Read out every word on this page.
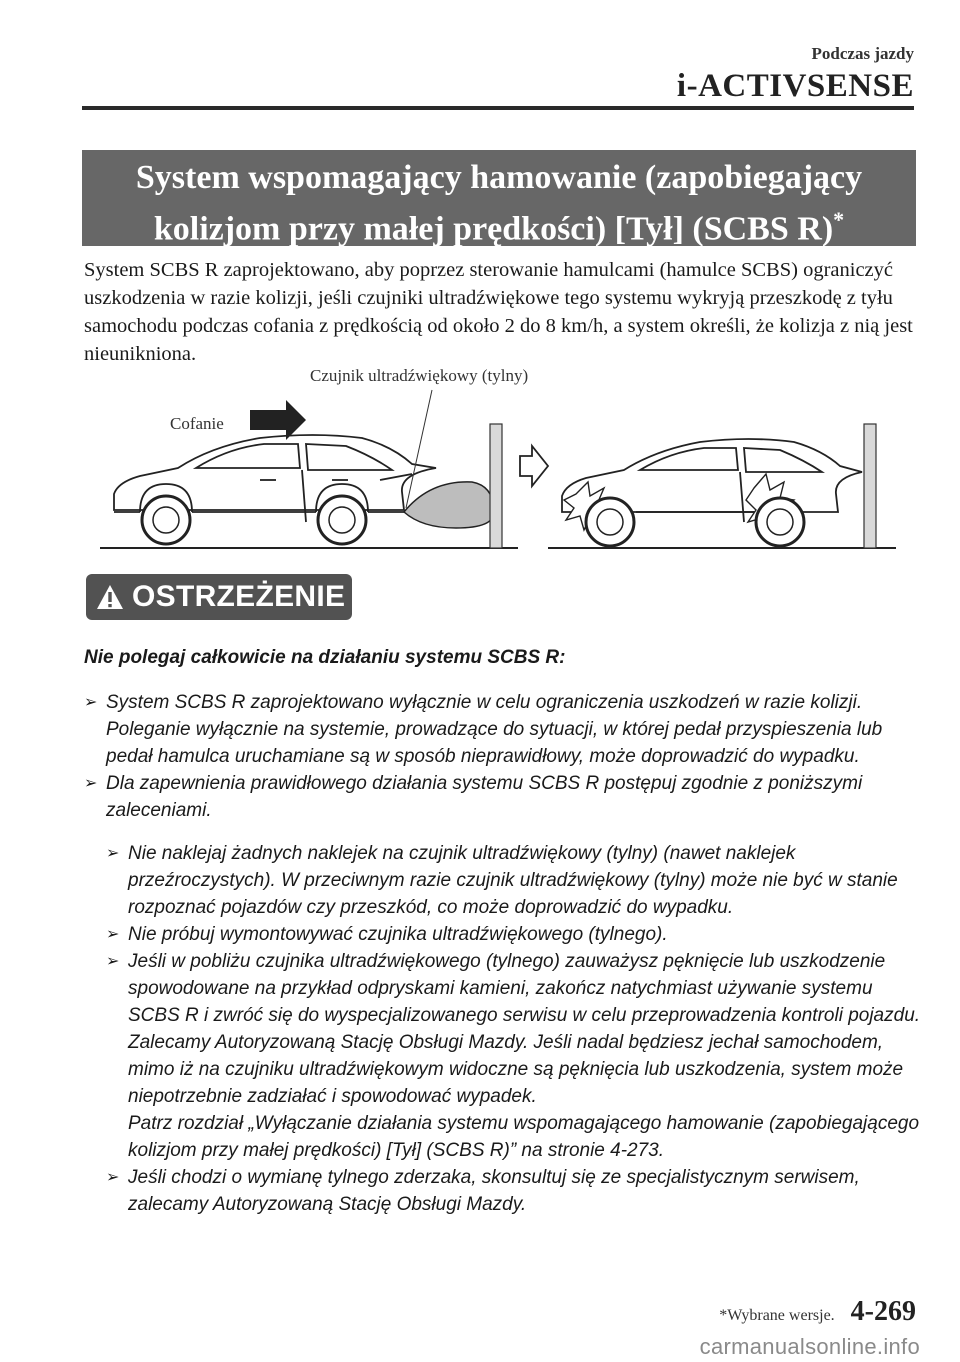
Podczas jazdy
i-ACTIVSENSE
System wspomagający hamowanie (zapobiegający
kolizjom przy małej prędkości) [Tył] (SCBS R)*
System SCBS R zaprojektowano, aby poprzez sterowanie hamulcami (hamulce SCBS) ograniczyć uszkodzenia w razie kolizji, jeśli czujniki ultradźwiękowe tego systemu wykryją przeszkodę z tyłu samochodu podczas cofania z prędkością od około 2 do 8 km/h, a system określi, że kolizja z nią jest nieunikniona.
Czujnik ultradźwiękowy (tylny)
Cofanie
OSTRZEŻENIE
Nie polegaj całkowicie na działaniu systemu SCBS R:
➢ System SCBS R zaprojektowano wyłącznie w celu ograniczenia uszkodzeń w razie kolizji. Poleganie wyłącznie na systemie, prowadzące do sytuacji, w której pedał przyspieszenia lub pedał hamulca uruchamiane są w sposób nieprawidłowy, może doprowadzić do wypadku.
➢ Dla zapewnienia prawidłowego działania systemu SCBS R postępuj zgodnie z poniższymi zaleceniami.
➢ Nie naklejaj żadnych naklejek na czujnik ultradźwiękowy (tylny) (nawet naklejek przeźroczystych). W przeciwnym razie czujnik ultradźwiękowy (tylny) może nie być w stanie rozpoznać pojazdów czy przeszkód, co może doprowadzić do wypadku.
➢ Nie próbuj wymontowywać czujnika ultradźwiękowego (tylnego).
➢ Jeśli w pobliżu czujnika ultradźwiękowego (tylnego) zauważysz pęknięcie lub uszkodzenie spowodowane na przykład odpryskami kamieni, zakończ natychmiast używanie systemu SCBS R i zwróć się do wyspecjalizowanego serwisu w celu przeprowadzenia kontroli pojazdu. Zalecamy Autoryzowaną Stację Obsługi Mazdy. Jeśli nadal będziesz jechał samochodem, mimo iż na czujniku ultradźwiękowym widoczne są pęknięcia lub uszkodzenia, system może niepotrzebnie zadziałać i spowodować wypadek.
Patrz rozdział „Wyłączanie działania systemu wspomagającego hamowanie (zapobiegającego kolizjom przy małej prędkości) [Tył] (SCBS R)” na stronie 4-273.
➢ Jeśli chodzi o wymianę tylnego zderzaka, skonsultuj się ze specjalistycznym serwisem, zalecamy Autoryzowaną Stację Obsługi Mazdy.
*Wybrane wersje. 4-269
carmanualsonline.info
